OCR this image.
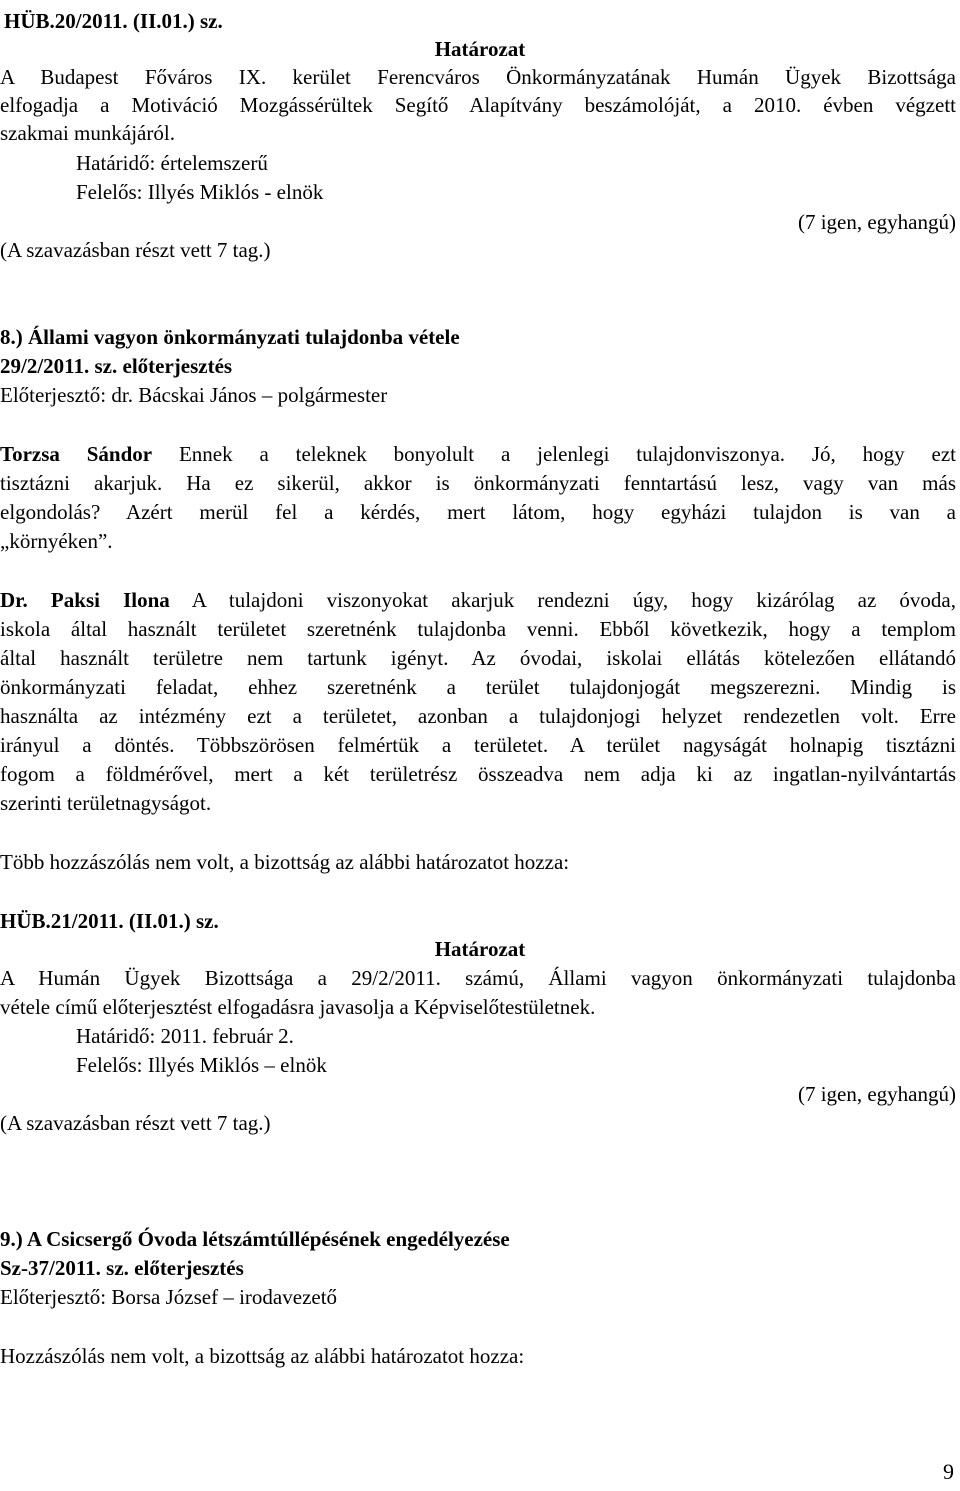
HÜB.20/2011. (II.01.) sz.
Határozat
A Budapest Főváros IX. kerület Ferencváros Önkormányzatának Humán Ügyek Bizottsága
elfogadja a Motiváció Mozgássérültek Segítő Alapítvány beszámolóját, a 2010. évben végzett
szakmai munkájáról.
Határidő: értelemszerű
Felelős: Illyés Miklós - elnök
(7 igen, egyhangú)
(A szavazásban részt vett 7 tag.)
8.) Állami vagyon önkormányzati tulajdonba vétele
29/2/2011. sz. előterjesztés
Előterjesztő: dr. Bácskai János – polgármester
Torzsa Sándor Ennek a teleknek bonyolult a jelenlegi tulajdonviszonya. Jó, hogy ezt
tisztázni akarjuk. Ha ez sikerül, akkor is önkormányzati fenntartású lesz, vagy van más
elgondolás? Azért merül fel a kérdés, mert látom, hogy egyházi tulajdon is van a
„környéken”.
Dr. Paksi Ilona A tulajdoni viszonyokat akarjuk rendezni úgy, hogy kizárólag az óvoda,
iskola által használt területet szeretnénk tulajdonba venni. Ebből következik, hogy a templom
által használt területre nem tartunk igényt. Az óvodai, iskolai ellátás kötelezően ellátandó
önkormányzati feladat, ehhez szeretnénk a terület tulajdonjogát megszerezni. Mindig is
használta az intézmény ezt a területet, azonban a tulajdonjogi helyzet rendezetlen volt. Erre
irányul a döntés. Többszörösen felmértük a területet. A terület nagyságát holnapig tisztázni
fogom a földmérővel, mert a két területrész összeadva nem adja ki az ingatlan-nyilvántartás
szerinti területnagyságot.
Több hozzászólás nem volt, a bizottság az alábbi határozatot hozza:
HÜB.21/2011. (II.01.) sz.
Határozat
A Humán Ügyek Bizottsága a 29/2/2011. számú, Állami vagyon önkormányzati tulajdonba
vétele című előterjesztést elfogadásra javasolja a Képviselőtestületnek.
Határidő: 2011. február 2.
Felelős: Illyés Miklós – elnök
(7 igen, egyhangú)
(A szavazásban részt vett 7 tag.)
9.) A Csicsergő Óvoda létszámtúllépésének engedélyezése
Sz-37/2011. sz. előterjesztés
Előterjesztő: Borsa József – irodavezető
Hozzászólás nem volt, a bizottság az alábbi határozatot hozza:
9
